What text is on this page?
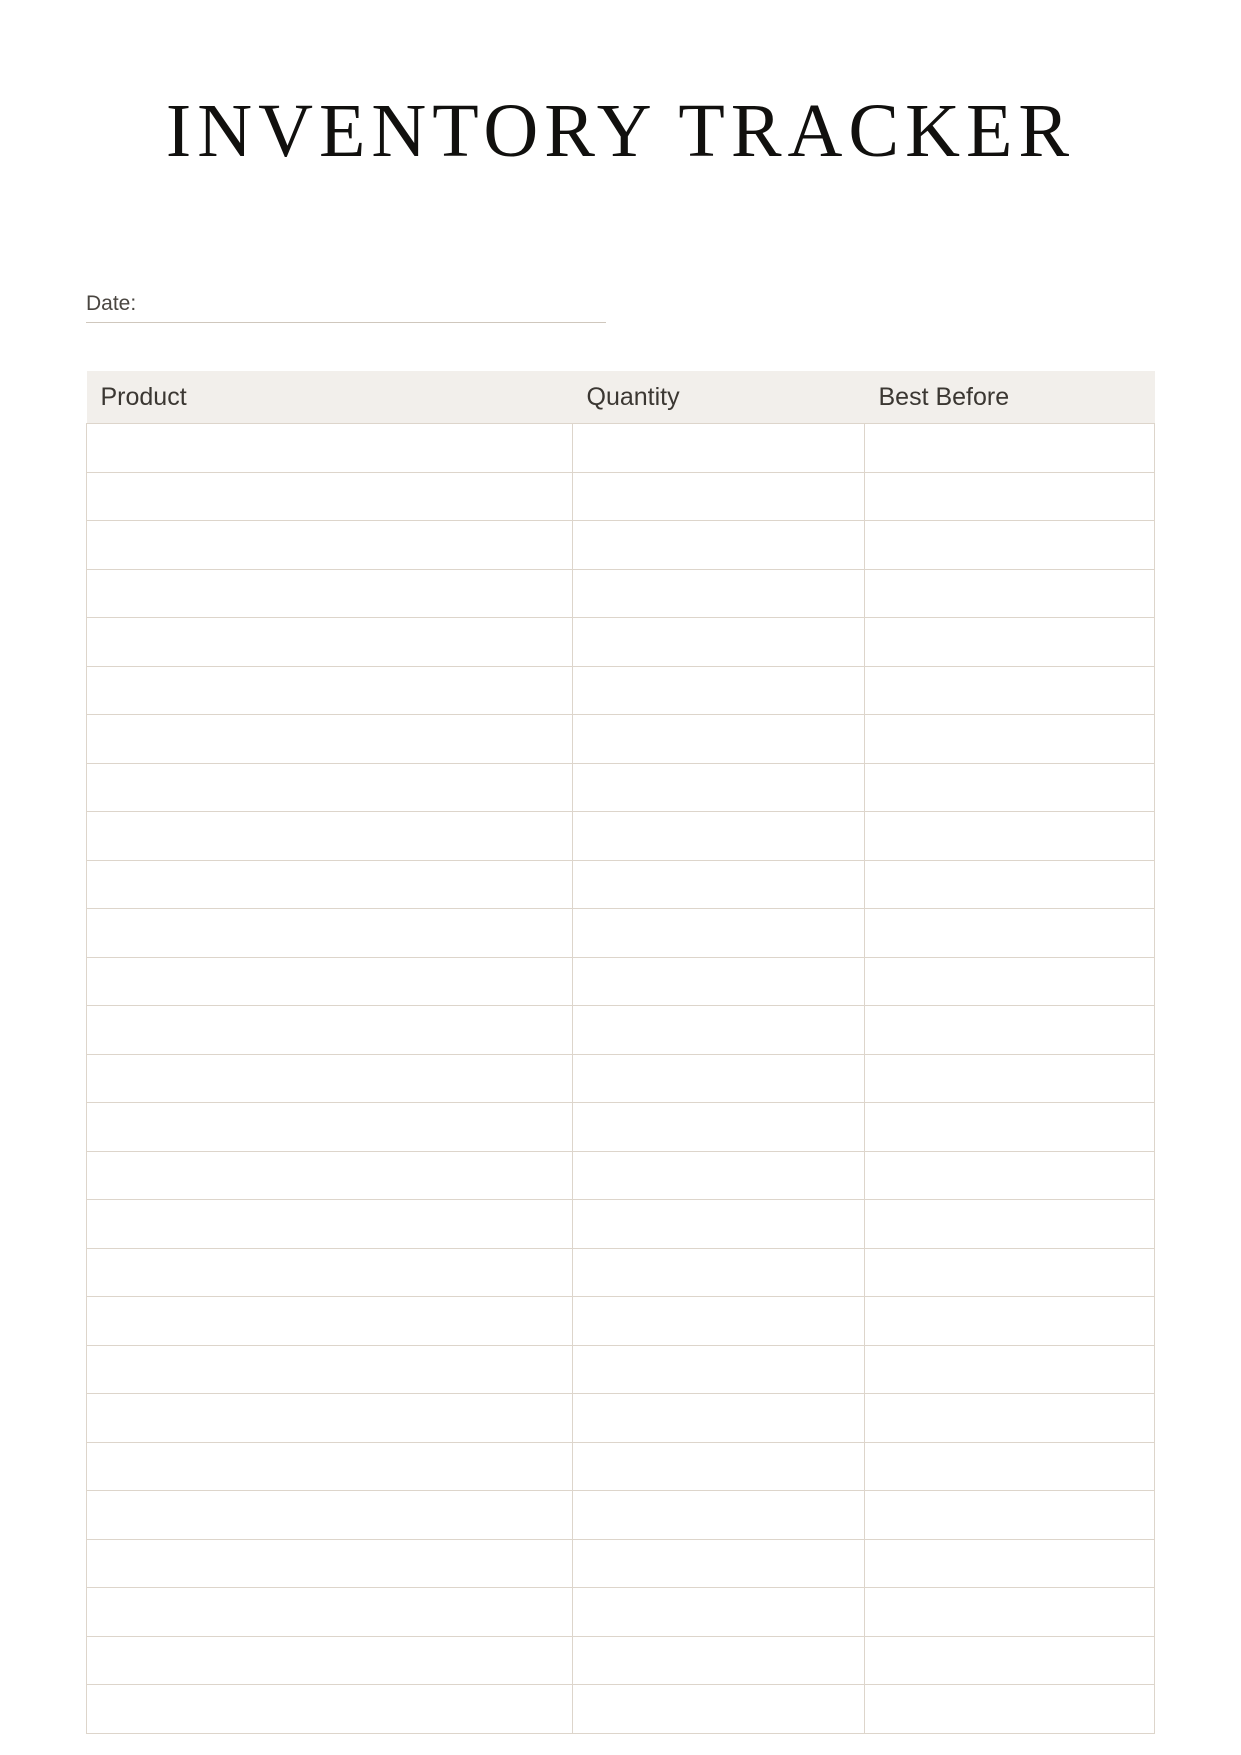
INVENTORY TRACKER
Date:
Product	Quantity	Best Before
